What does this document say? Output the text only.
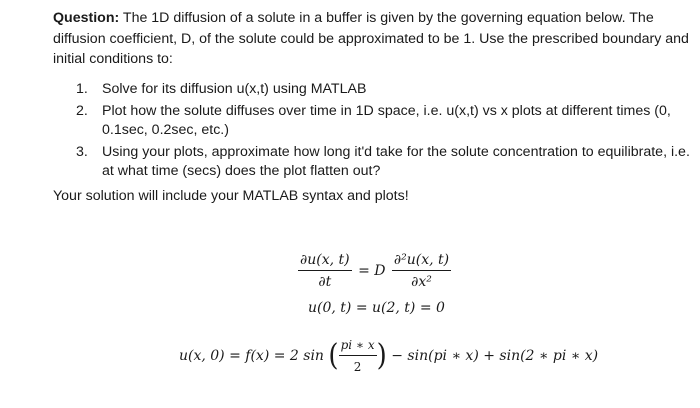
Question: The 1D diffusion of a solute in a buffer is given by the governing equation below. The diffusion coefficient, D, of the solute could be approximated to be 1. Use the prescribed boundary and initial conditions to:

1. Solve for its diffusion u(x,t) using MATLAB
2. Plot how the solute diffuses over time in 1D space, i.e. u(x,t) vs x plots at different times (0, 0.1sec, 0.2sec, etc.)
3. Using your plots, approximate how long it'd take for the solute concentration to equilibrate, i.e. at what time (secs) does the plot flatten out?

Your solution will include your MATLAB syntax and plots!

$\frac{\partial u(x, t)}{\partial t} = D \frac{\text{∂²u(x, t)}}{\text{∂x²}}$
u(0, t) = u(2, t) = 0
u(x, 0) = f(x) = 2 sin ( $\frac{pi ∗ x}{2}$ ) − sin(pi ∗ x) + sin(2 ∗ pi ∗ x)
